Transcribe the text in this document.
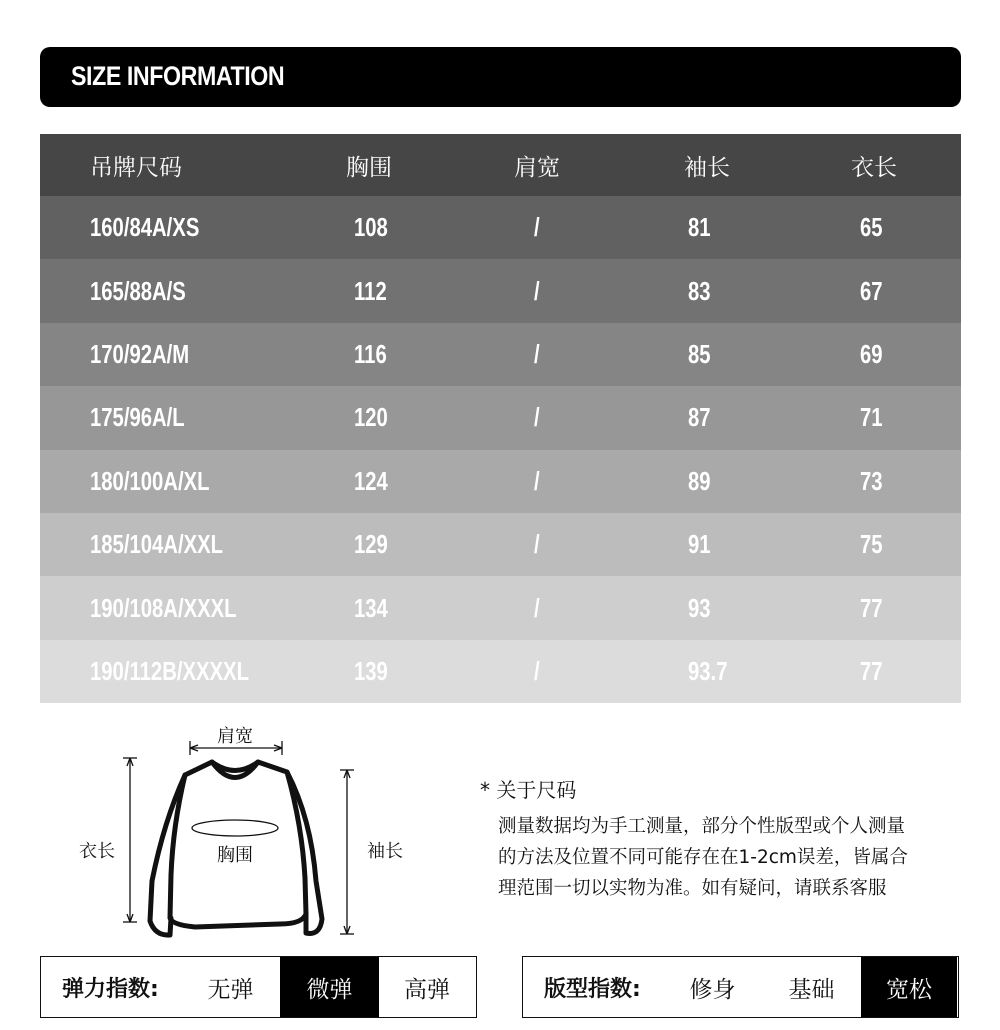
SIZE INFORMATION
吊牌尺码	胸围	肩宽	袖长	衣长
160/84A/XS	108	/	81	65
165/88A/S	112	/	83	67
170/92A/M	116	/	85	69
175/96A/L	120	/	87	71
180/100A/XL	124	/	89	73
185/104A/XXL	129	/	91	75
190/108A/XXXL	134	/	93	77
190/112B/XXXXL	139	/	93.7	77
肩宽
衣长	胸围	袖长
* 关于尺码
测量数据均为手工测量，部分个性版型或个人测量
的方法及位置不同可能存在在1-2cm误差，皆属合
理范围一切以实物为准。如有疑问，请联系客服
弹力指数:	无弹	微弹	高弹	版型指数:	修身	基础	宽松
